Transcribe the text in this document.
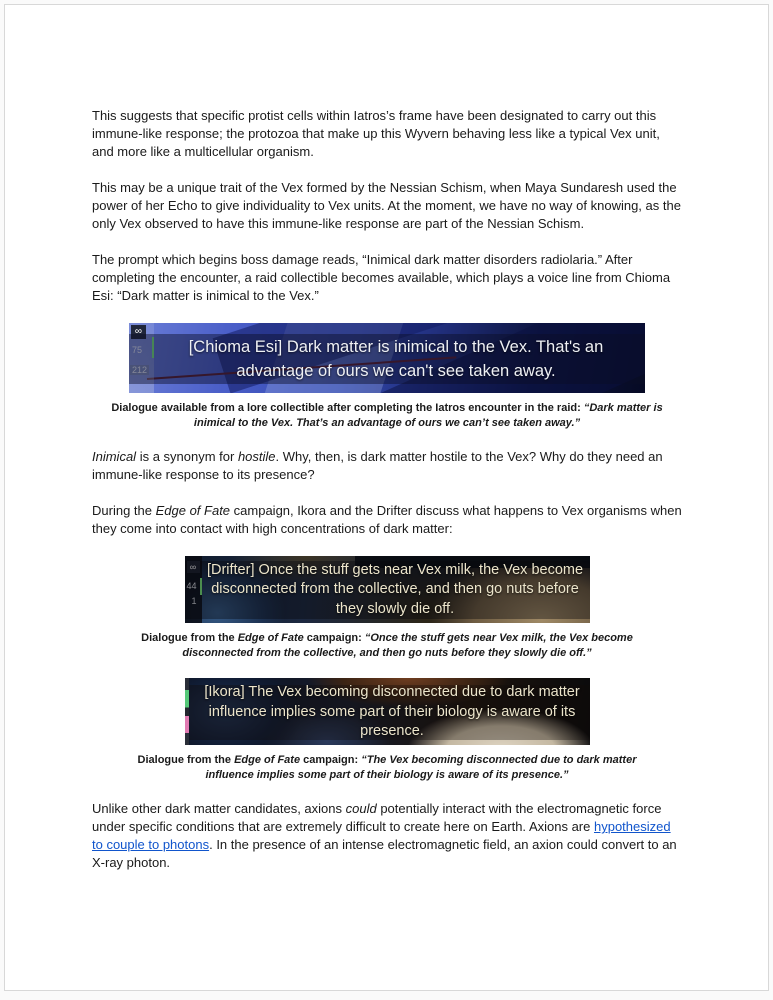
This suggests that specific protist cells within Iatros’s frame have been designated to carry out this immune-like response; the protozoa that make up this Wyvern behaving less like a typical Vex unit, and more like a multicellular organism.

This may be a unique trait of the Vex formed by the Nessian Schism, when Maya Sundaresh used the power of her Echo to give individuality to Vex units. At the moment, we have no way of knowing, as the only Vex observed to have this immune-like response are part of the Nessian Schism.

The prompt which begins boss damage reads, “Inimical dark matter disorders radiolaria.” After completing the encounter, a raid collectible becomes available, which plays a voice line from Chioma Esi: “Dark matter is inimical to the Vex.”

∞
75
212
[Chioma Esi] Dark matter is inimical to the Vex. That's an advantage of ours we can't see taken away.
Dialogue available from a lore collectible after completing the Iatros encounter in the raid: “Dark matter is inimical to the Vex. That’s an advantage of ours we can’t see taken away.”

Inimical is a synonym for hostile. Why, then, is dark matter hostile to the Vex? Why do they need an immune-like response to its presence?

During the Edge of Fate campaign, Ikora and the Drifter discuss what happens to Vex organisms when they come into contact with high concentrations of dark matter:

∞
44
1
[Drifter] Once the stuff gets near Vex milk, the Vex become disconnected from the collective, and then go nuts before they slowly die off.
Dialogue from the Edge of Fate campaign: “Once the stuff gets near Vex milk, the Vex become disconnected from the collective, and then go nuts before they slowly die off.”
[Ikora] The Vex becoming disconnected due to dark matter influence implies some part of their biology is aware of its presence.
Dialogue from the Edge of Fate campaign: “The Vex becoming disconnected due to dark matter influence implies some part of their biology is aware of its presence.”

Unlike other dark matter candidates, axions could potentially interact with the electromagnetic force under specific conditions that are extremely difficult to create here on Earth. Axions are hypothesized to couple to photons. In the presence of an intense electromagnetic field, an axion could convert to an X-ray photon.
